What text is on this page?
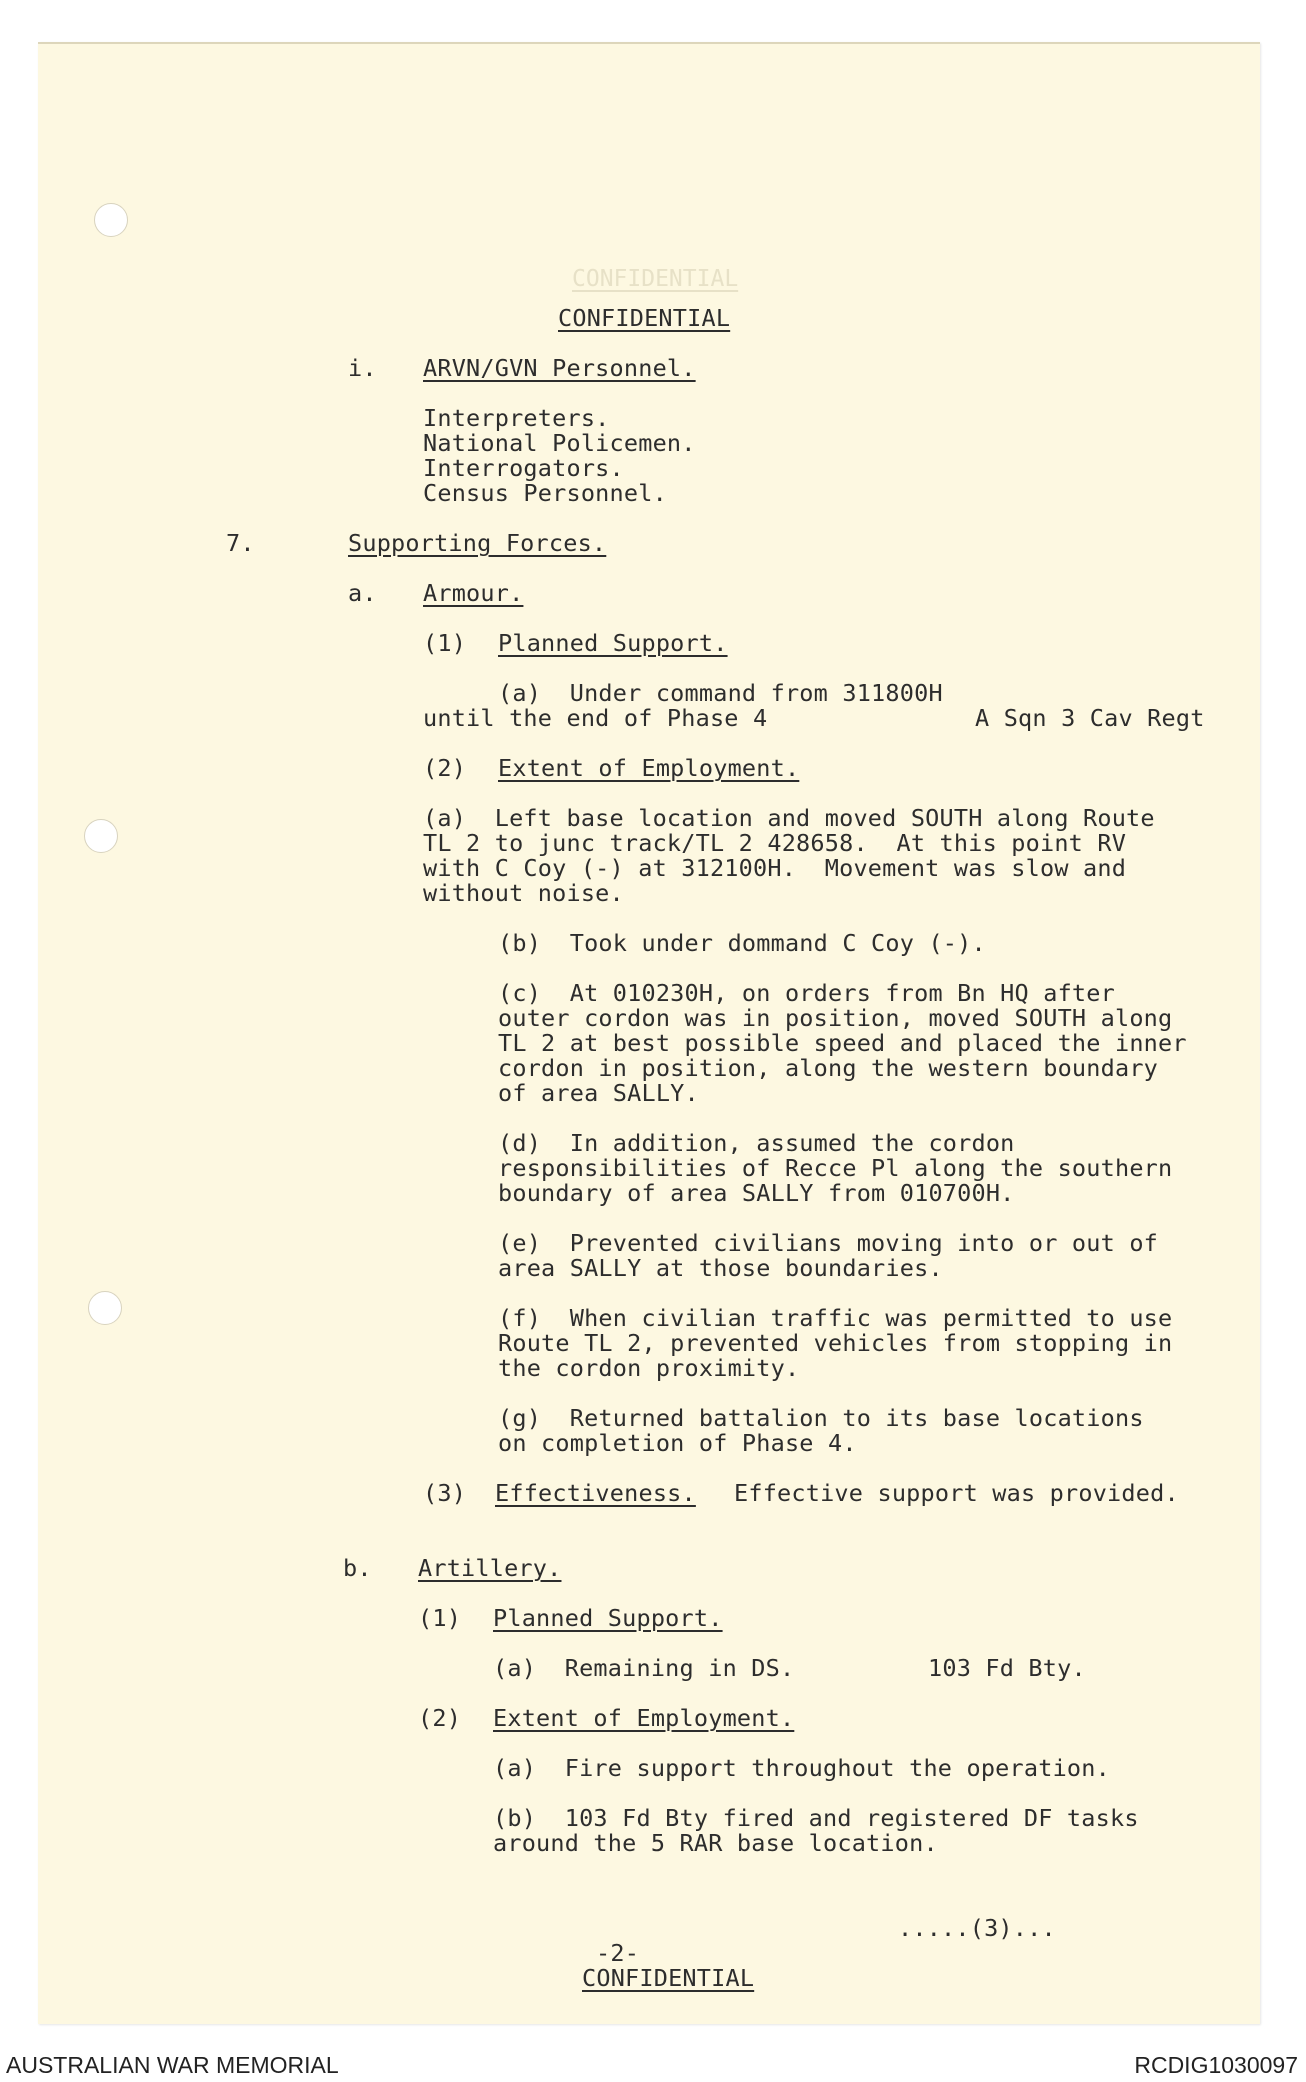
CONFIDENTIAL
CONFIDENTIAL
i. ARVN/GVN Personnel.
Interpreters.
National Policemen.
Interrogators.
Census Personnel.
7.	Supporting Forces.
a. Armour.
(1) Planned Support.
(a)  Under command from 311800H
until the end of Phase 4	A Sqn 3 Cav Regt
(2) Extent of Employment.
(a)  Left base location and moved SOUTH along Route
TL 2 to junc track/TL 2 428658.  At this point RV
with C Coy (-) at 312100H.  Movement was slow and
without noise.
(b)  Took under dommand C Coy (-).
(c)  At 010230H, on orders from Bn HQ after
outer cordon was in position, moved SOUTH along
TL 2 at best possible speed and placed the inner
cordon in position, along the western boundary
of area SALLY.
(d)  In addition, assumed the cordon
responsibilities of Recce Pl along the southern
boundary of area SALLY from 010700H.
(e)  Prevented civilians moving into or out of
area SALLY at those boundaries.
(f)  When civilian traffic was permitted to use
Route TL 2, prevented vehicles from stopping in
the cordon proximity.
(g)  Returned battalion to its base locations
on completion of Phase 4.
(3) Effectiveness. Effective support was provided.
b. Artillery.
(1) Planned Support.
(a)  Remaining in DS.	103 Fd Bty.
(2) Extent of Employment.
(a)  Fire support throughout the operation.
(b)  103 Fd Bty fired and registered DF tasks
around the 5 RAR base location.
.....(3)...
-2-
CONFIDENTIAL
AUSTRALIAN WAR MEMORIAL	RCDIG1030097
